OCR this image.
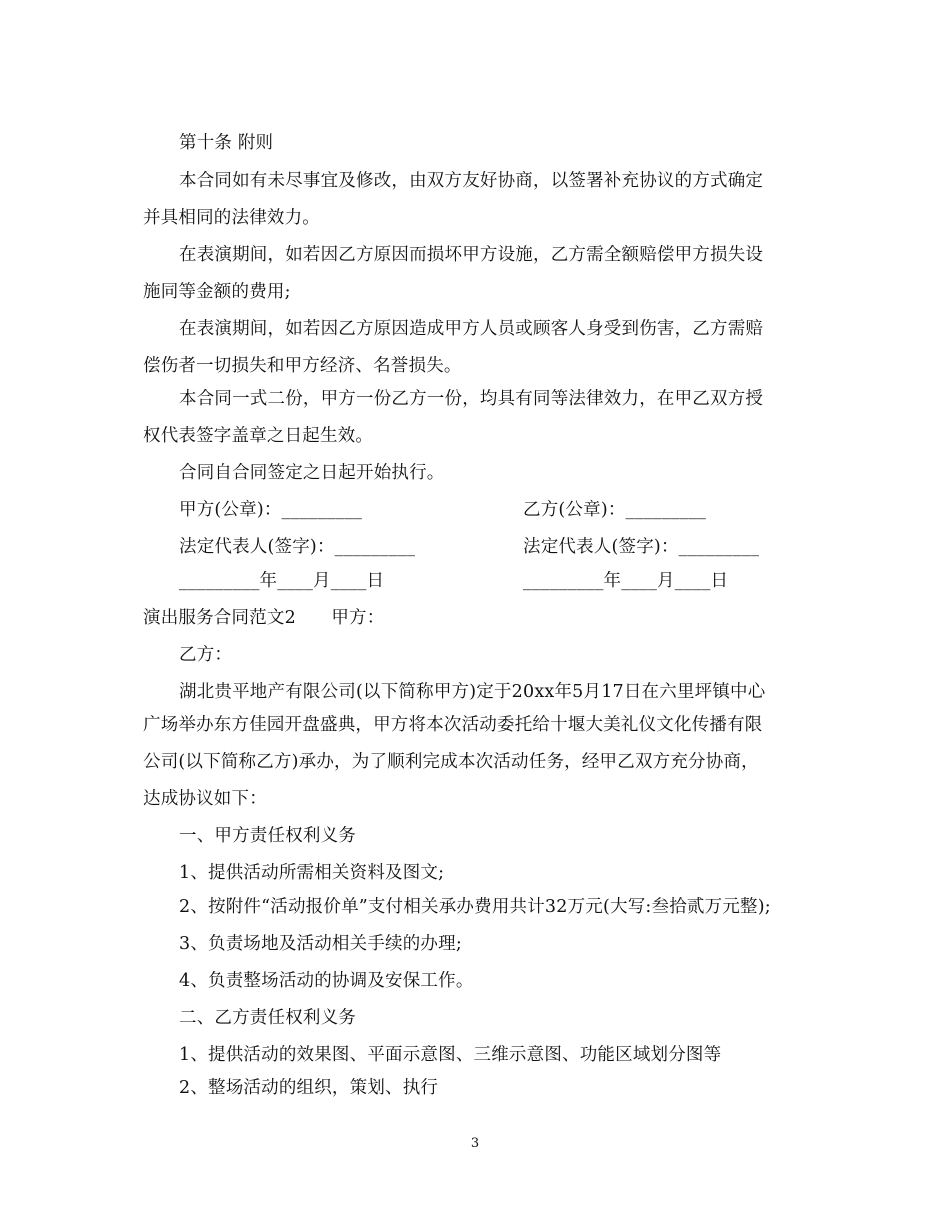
第十条 附则
本合同如有未尽事宜及修改，由双方友好协商，以签署补充协议的方式确定
并具相同的法律效力。
在表演期间，如若因乙方原因而损坏甲方设施，乙方需全额赔偿甲方损失设
施同等金额的费用;
在表演期间，如若因乙方原因造成甲方人员或顾客人身受到伤害，乙方需赔
偿伤者一切损失和甲方经济、名誉损失。
本合同一式二份，甲方一份乙方一份，均具有同等法律效力，在甲乙双方授
权代表签字盖章之日起生效。
合同自合同签定之日起开始执行。
甲方(公章)：_________	乙方(公章)：_________
法定代表人(签字)：_________	法定代表人(签字)：_________
_________年____月____日	_________年____月____日
演出服务合同范文2　　甲方：
乙方：
湖北贵平地产有限公司(以下简称甲方)定于20xx年5月17日在六里坪镇中心
广场举办东方佳园开盘盛典，甲方将本次活动委托给十堰大美礼仪文化传播有限
公司(以下简称乙方)承办，为了顺利完成本次活动任务，经甲乙双方充分协商，
达成协议如下：
一、甲方责任权利义务
1、提供活动所需相关资料及图文;
2、按附件“活动报价单”支付相关承办费用共计32万元(大写:叁拾贰万元整);
3、负责场地及活动相关手续的办理;
4、负责整场活动的协调及安保工作。
二、乙方责任权利义务
1、提供活动的效果图、平面示意图、三维示意图、功能区域划分图等
2、整场活动的组织，策划、执行
3
